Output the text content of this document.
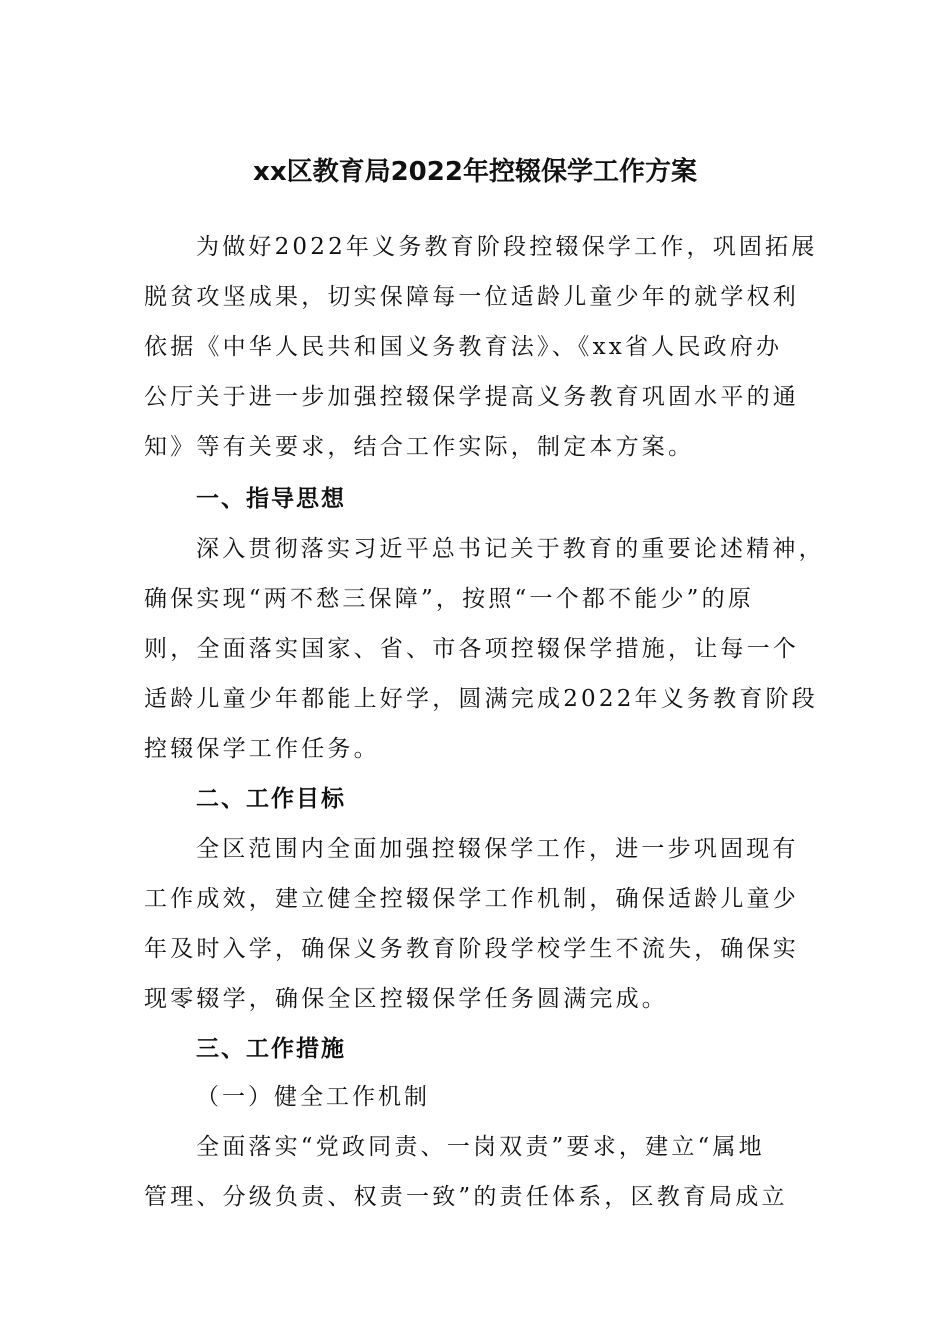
xx区教育局2022年控辍保学工作方案
为做好2022年义务教育阶段控辍保学工作，巩固拓展
脱贫攻坚成果，切实保障每一位适龄儿童少年的就学权利
依据《中华人民共和国义务教育法》、《xx省人民政府办
公厅关于进一步加强控辍保学提高义务教育巩固水平的通
知》等有关要求，结合工作实际，制定本方案。
一、指导思想
深入贯彻落实习近平总书记关于教育的重要论述精神，
确保实现“两不愁三保障”，按照“一个都不能少”的原
则，全面落实国家、省、市各项控辍保学措施，让每一个
适龄儿童少年都能上好学，圆满完成2022年义务教育阶段
控辍保学工作任务。
二、工作目标
全区范围内全面加强控辍保学工作，进一步巩固现有
工作成效，建立健全控辍保学工作机制，确保适龄儿童少
年及时入学，确保义务教育阶段学校学生不流失，确保实
现零辍学，确保全区控辍保学任务圆满完成。
三、工作措施
（一）健全工作机制
全面落实“党政同责、一岗双责”要求，建立“属地
管理、分级负责、权责一致”的责任体系，区教育局成立
